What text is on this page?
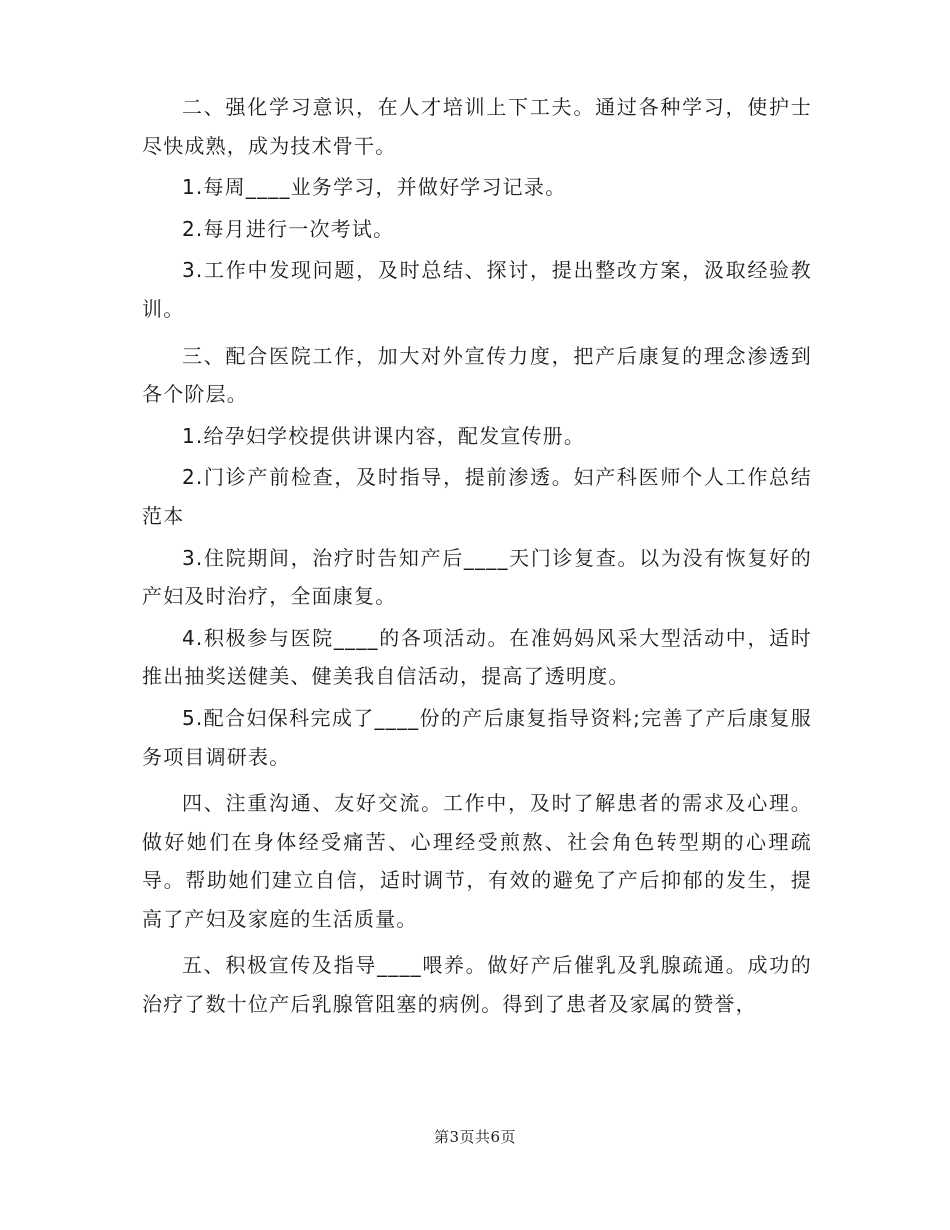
二、强化学习意识，在人才培训上下工夫。通过各种学习，使护士尽快成熟，成为技术骨干。

1.每周____业务学习，并做好学习记录。

2.每月进行一次考试。

3.工作中发现问题，及时总结、探讨，提出整改方案，汲取经验教训。

三、配合医院工作，加大对外宣传力度，把产后康复的理念渗透到各个阶层。

1.给孕妇学校提供讲课内容，配发宣传册。

2.门诊产前检查，及时指导，提前渗透。妇产科医师个人工作总结范本

3.住院期间，治疗时告知产后____天门诊复查。以为没有恢复好的产妇及时治疗，全面康复。

4.积极参与医院____的各项活动。在准妈妈风采大型活动中，适时推出抽奖送健美、健美我自信活动，提高了透明度。

5.配合妇保科完成了____份的产后康复指导资料;完善了产后康复服务项目调研表。

四、注重沟通、友好交流。工作中，及时了解患者的需求及心理。做好她们在身体经受痛苦、心理经受煎熬、社会角色转型期的心理疏导。帮助她们建立自信，适时调节，有效的避免了产后抑郁的发生，提高了产妇及家庭的生活质量。

五、积极宣传及指导____喂养。做好产后催乳及乳腺疏通。成功的治疗了数十位产后乳腺管阻塞的病例。得到了患者及家属的赞誉，

第3页共6页
